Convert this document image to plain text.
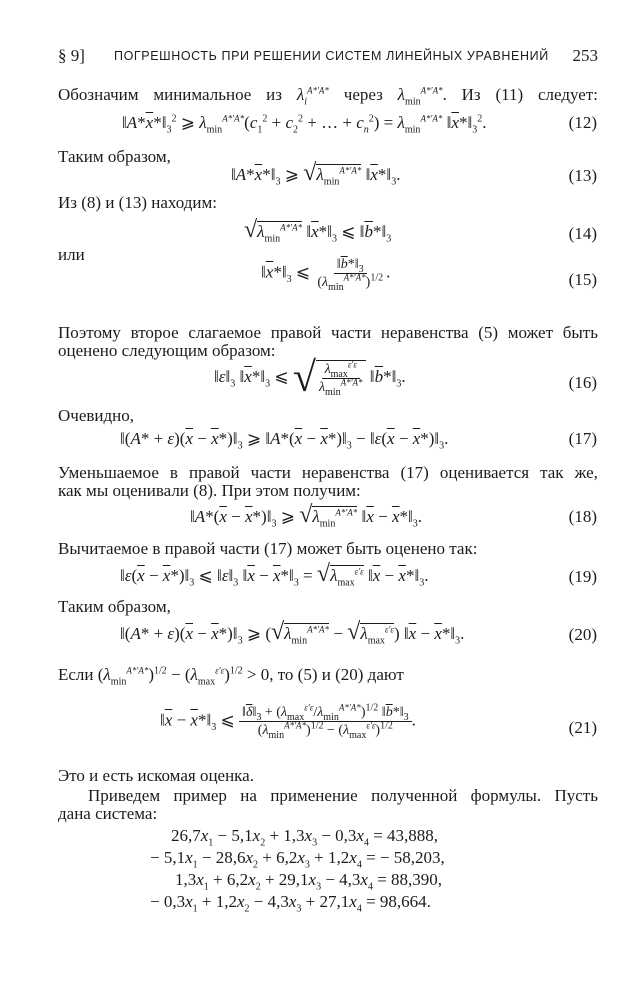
§ 9] ПОГРЕШНОСТЬ ПРИ РЕШЕНИИ СИСТЕМ ЛИНЕЙНЫХ УРАВНЕНИЙ 253
Обозначим минимальное из $\lambda_i^{A*'A*}$ через $\lambda_{min}^{A*'A*}$. Из (11) следует:
$‖A*\overline{x}*‖_3^2$ ⩾ $\lambda_{min}^{A*'A*}(c_1^2 + c_2^2$ + … + $c_n^2) = \lambda_{min}^{A*'A*}$ $‖\overline{x}*‖_3^2$.	(12)
Таким образом,
$‖A*\overline{x}*‖_3$ ⩾ $√\lambda_{min}^{A*'A*}$ $‖\overline{x}*‖_3$.	(13)
Из (8) и (13) находим:
$√\lambda_{min}^{A*'A*}$ $‖\overline{x}*‖_3$ ⩽ $‖\overline{b}*‖_3$	(14)
или
$‖\overline{x}*‖_3$ ⩽ $\frac{‖\overline{b}*‖_3}{(\lambda_{min}^{A*'A*})^{1/2}}$ .	(15)
Поэтому второе слагаемое правой части неравенства (5) может быть
оценено следующим образом:
$‖\varepsilon‖_3$ $‖\overline{x}*‖_3$ ⩽ √ $\frac{\lambda_{max}^{\varepsilon'\varepsilon}}{\lambda_{min}^{A*'A*}}$ $‖\overline{b}*‖_3$.	(16)
Очевидно,
‖(A* + $\varepsilon)(\overline{x}$ − $\overline{x}*)‖_3$ ⩾ $‖A*(\overline{x}$ − $\overline{x}*)‖_3$ − $‖\varepsilon(\overline{x}$ − $\overline{x}*)‖_3$.	(17)
Уменьшаемое в правой части неравенства (17) оценивается так же,
как мы оценивали (8). При этом получим:
$‖A*(\overline{x}$ − $\overline{x}*)‖_3$ ⩾ $√\lambda_{min}^{A*'A*}$ $‖\overline{x}$ − $\overline{x}*‖_3$.	(18)
Вычитаемое в правой части (17) может быть оценено так:
$‖\varepsilon(\overline{x}$ − $\overline{x}*)‖_3$ ⩽ $‖\varepsilon‖_3$ $‖\overline{x}$ − $\overline{x}*‖_3 = √\lambda_{max}^{\varepsilon'\varepsilon}$ $‖\overline{x}$ − $\overline{x}*‖_3$.	(19)
Таким образом,
‖(A* + $\varepsilon)(\overline{x}$ − $\overline{x}*)‖_3$ ⩾ $(√\lambda_{min}^{A*'A*} - √\lambda_{max}^{\varepsilon'\varepsilon})$ $‖\overline{x}$ − $\overline{x}*‖_3$.	(20)
Если $(\lambda_{min}^{A*'A*})^{1/2} - (\lambda_{max}^{\varepsilon'\varepsilon})^{1/2} > 0$, то (5) и (20) дают
$‖\overline{x}$ − $\overline{x}*‖_3$ ⩽ $\frac{‖\overline{\delta}‖_3 + (\lambda_{max}^{\varepsilon'\varepsilon}/\lambda_{min}^{A*'A*})^{1/2} ‖\overline{b}*‖_3}{(\lambda_{min}^{A*'A*})^{1/2} - (\lambda_{max}^{\varepsilon'\varepsilon})^{1/2}}$ .	(21)
Это и есть искомая оценка.
Приведем пример на применение полученной формулы. Пусть
дана система:
$26,7x_1 - 5,1x_2 + 1,3x_3 - 0,3x_4 = 43,888$,
− $5,1x_1 - 28,6x_2 + 6,2x_3 + 1,2x_4$ = − 58,203,
$1,3x_1 + 6,2x_2 + 29,1x_3 - 4,3x_4 = 88,390$,
− $0,3x_1 + 1,2x_2 - 4,3x_3 + 27,1x_4 = 98,664$.
